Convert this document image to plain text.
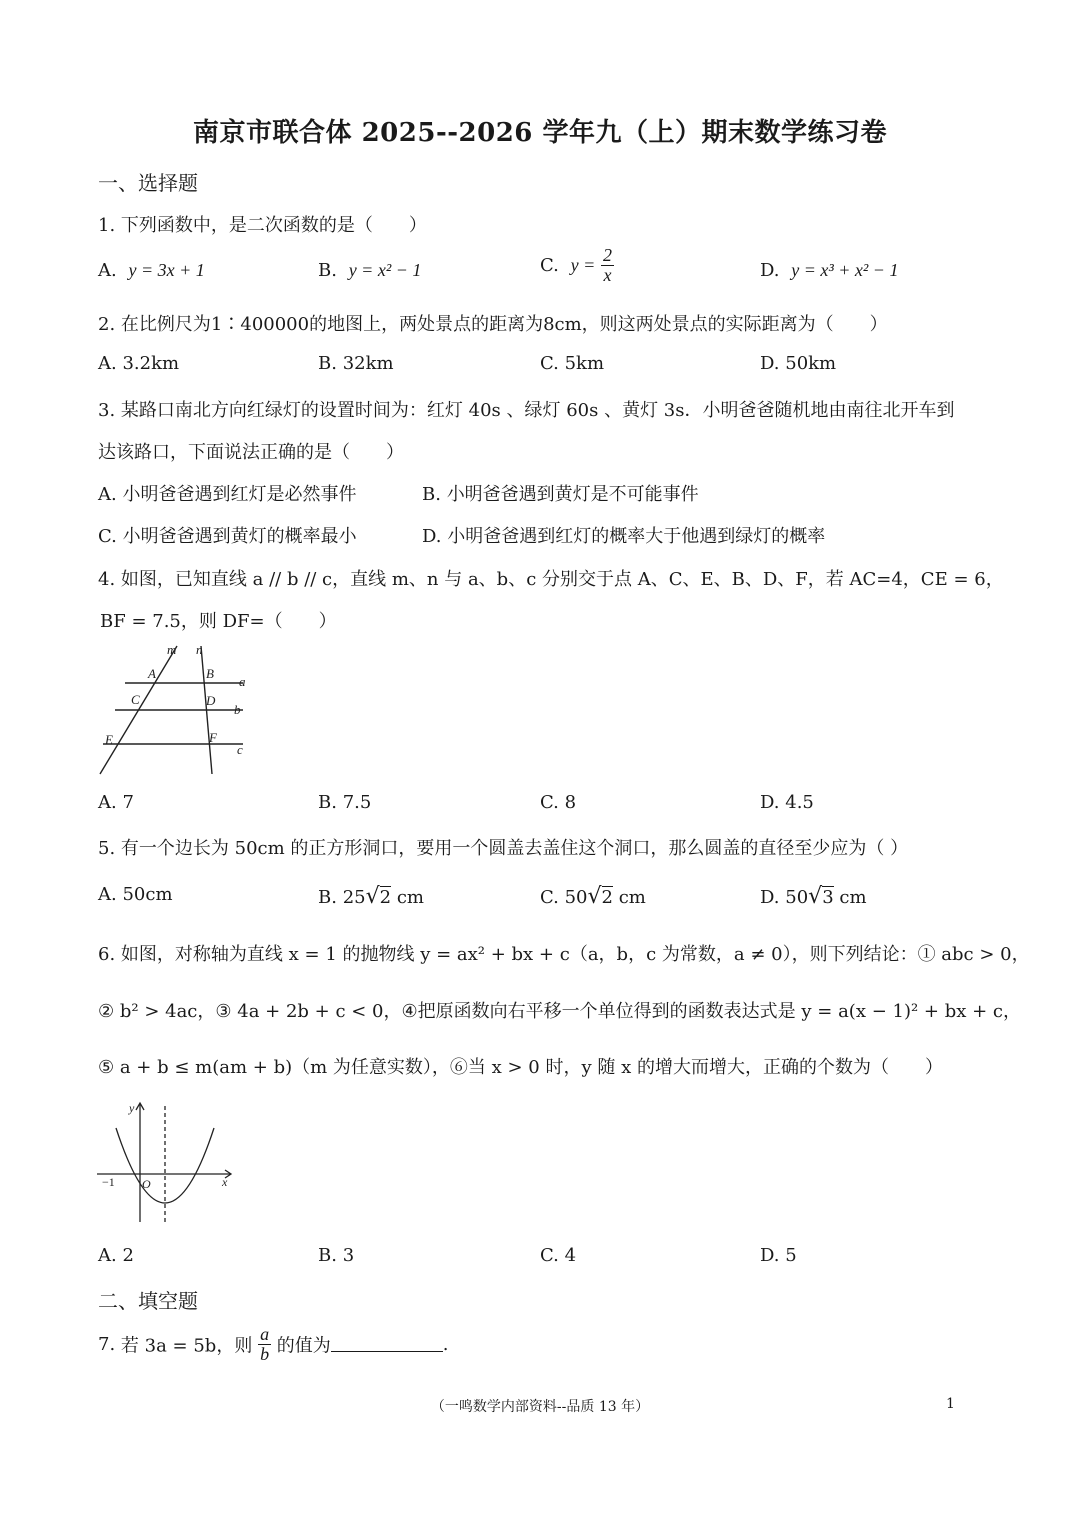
南京市联合体 2025--2026 学年九（上）期末数学练习卷
一、选择题
1. 下列函数中，是二次函数的是（　　）
A. y = 3x + 1	B. y = x² − 1	C. $y = \frac{2}{x}$	D. y = x³ + x² − 1
2. 在比例尺为1∶400000的地图上，两处景点的距离为8cm，则这两处景点的实际距离为（　　）
A. 3.2km	B. 32km	C. 5km	D. 50km
3. 某路口南北方向红绿灯的设置时间为：红灯 40s 、绿灯 60s 、黄灯 3s．小明爸爸随机地由南往北开车到
达该路口，下面说法正确的是（　　）
A. 小明爸爸遇到红灯是必然事件	B. 小明爸爸遇到黄灯是不可能事件
C. 小明爸爸遇到黄灯的概率最小	D. 小明爸爸遇到红灯的概率大于他遇到绿灯的概率
4. 如图，已知直线 a // b // c，直线 m、n 与 a、b、c 分别交于点 A、C、E、B、D、F，若 AC=4，CE = 6，
BF = 7.5，则 DF=（　　）
m n
A	B
C	D
E	F
a
b
c
A. 7	B. 7.5	C. 8	D. 4.5
5. 有一个边长为 50cm 的正方形洞口，要用一个圆盖去盖住这个洞口，那么圆盖的直径至少应为（ ）
A. 50cm	B. 25√2 cm	C. 50√2 cm	D. 50√3 cm
6. 如图，对称轴为直线 x = 1 的抛物线 y = ax² + bx + c（a，b，c 为常数，a ≠ 0），则下列结论：① abc > 0，
② b² > 4ac，③ 4a + 2b + c < 0，④把原函数向右平移一个单位得到的函数表达式是 y = a(x − 1)² + bx + c，
⑤ a + b ≤ m(am + b)（m 为任意实数），⑥当 x > 0 时，y 随 x 的增大而增大，正确的个数为（　　）
y
x
O
−1
A. 2	B. 3	C. 4	D. 5
二、填空题
7. 若 3a = 5b，则 $\frac{a}{b}$ 的值为	.
（一鸣数学内部资料--品质 13 年）	1
